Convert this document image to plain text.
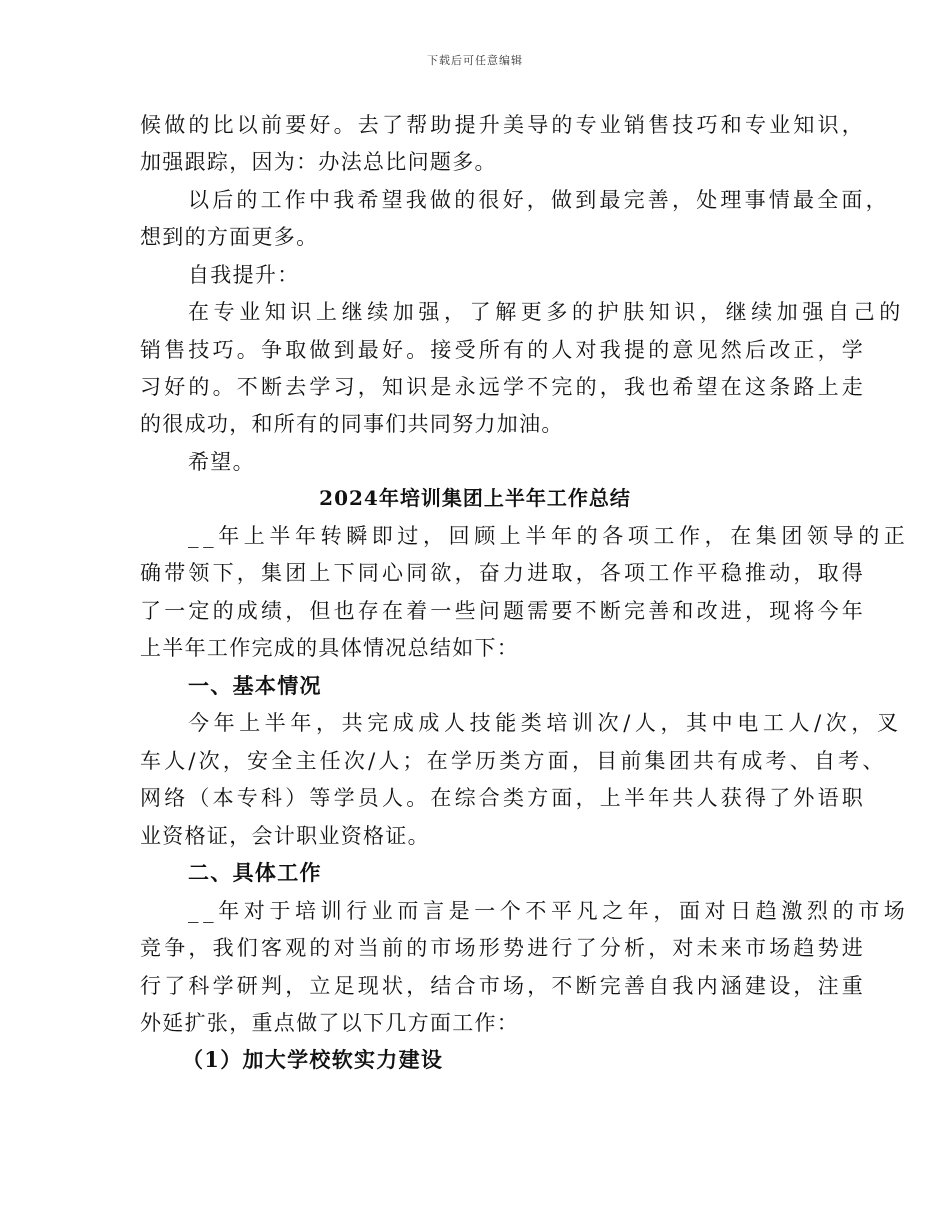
下载后可任意编辑
候做的比以前要好。去了帮助提升美导的专业销售技巧和专业知识，
加强跟踪，因为：办法总比问题多。
以后的工作中我希望我做的很好，做到最完善，处理事情最全面，
想到的方面更多。
自我提升：
在专业知识上继续加强，了解更多的护肤知识，继续加强自己的
销售技巧。争取做到最好。接受所有的人对我提的意见然后改正，学
习好的。不断去学习，知识是永远学不完的，我也希望在这条路上走
的很成功，和所有的同事们共同努力加油。
希望。
2024年培训集团上半年工作总结
__年上半年转瞬即过，回顾上半年的各项工作，在集团领导的正
确带领下，集团上下同心同欲，奋力进取，各项工作平稳推动，取得
了一定的成绩，但也存在着一些问题需要不断完善和改进，现将今年
上半年工作完成的具体情况总结如下：
一、基本情况
今年上半年，共完成成人技能类培训次/人，其中电工人/次，叉
车人/次，安全主任次/人；在学历类方面，目前集团共有成考、自考、
网络（本专科）等学员人。在综合类方面，上半年共人获得了外语职
业资格证，会计职业资格证。
二、具体工作
__年对于培训行业而言是一个不平凡之年，面对日趋激烈的市场
竞争，我们客观的对当前的市场形势进行了分析，对未来市场趋势进
行了科学研判，立足现状，结合市场，不断完善自我内涵建设，注重
外延扩张，重点做了以下几方面工作：
（1）加大学校软实力建设
